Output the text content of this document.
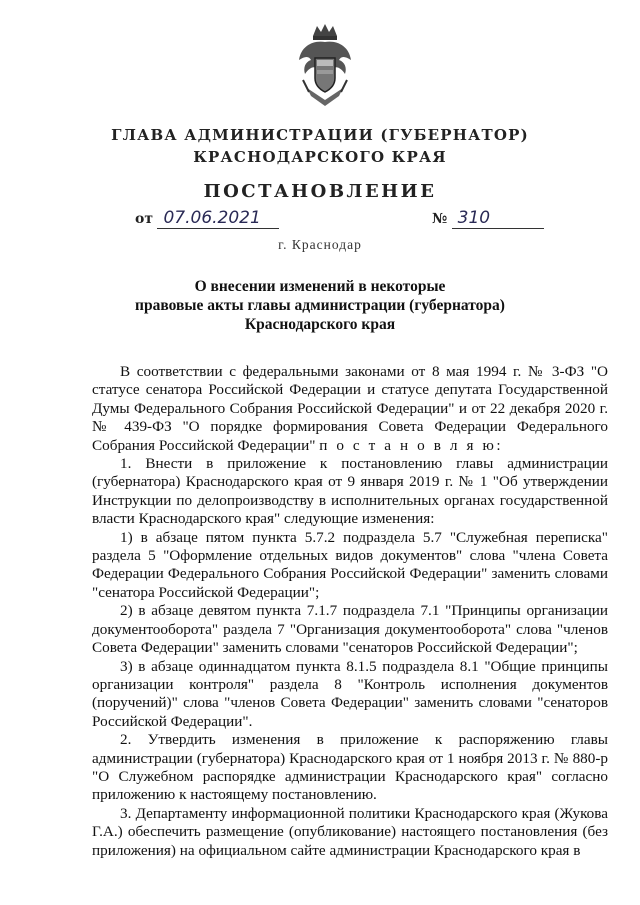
ГЛАВА АДМИНИСТРАЦИИ (ГУБЕРНАТОР)
КРАСНОДАРСКОГО КРАЯ
ПОСТАНОВЛЕНИЕ
от 07.06.2021	№ 310
г. Краснодар
О внесении изменений в некоторые
правовые акты главы администрации (губернатора)
Краснодарского края

В соответствии с федеральными законами от 8 мая 1994 г. № 3-ФЗ "О статусе сенатора Российской Федерации и статусе депутата Государственной Думы Федерального Собрания Российской Федерации" и от 22 декабря 2020 г. № 439-ФЗ "О порядке формирования Совета Федерации Федерального Собрания Российской Федерации" п о с т а н о в л я ю:

1. Внести в приложение к постановлению главы администрации (губернатора) Краснодарского края от 9 января 2019 г. № 1 "Об утверждении Инструкции по делопроизводству в исполнительных органах государственной власти Краснодарского края" следующие изменения:

1) в абзаце пятом пункта 5.7.2 подраздела 5.7 "Служебная переписка" раздела 5 "Оформление отдельных видов документов" слова "члена Совета Федерации Федерального Собрания Российской Федерации" заменить словами "сенатора Российской Федерации";

2) в абзаце девятом пункта 7.1.7 подраздела 7.1 "Принципы организации документооборота" раздела 7 "Организация документооборота" слова "членов Совета Федерации" заменить словами "сенаторов Российской Федерации";

3) в абзаце одиннадцатом пункта 8.1.5 подраздела 8.1 "Общие принципы организации контроля" раздела 8 "Контроль исполнения документов (поручений)" слова "членов Совета Федерации" заменить словами "сенаторов Российской Федерации".

2. Утвердить изменения в приложение к распоряжению главы администрации (губернатора) Краснодарского края от 1 ноября 2013 г. № 880-р "О Служебном распорядке администрации Краснодарского края" согласно приложению к настоящему постановлению.

3. Департаменту информационной политики Краснодарского края (Жукова Г.А.) обеспечить размещение (опубликование) настоящего постановления (без приложения) на официальном сайте администрации Краснодарского края в
